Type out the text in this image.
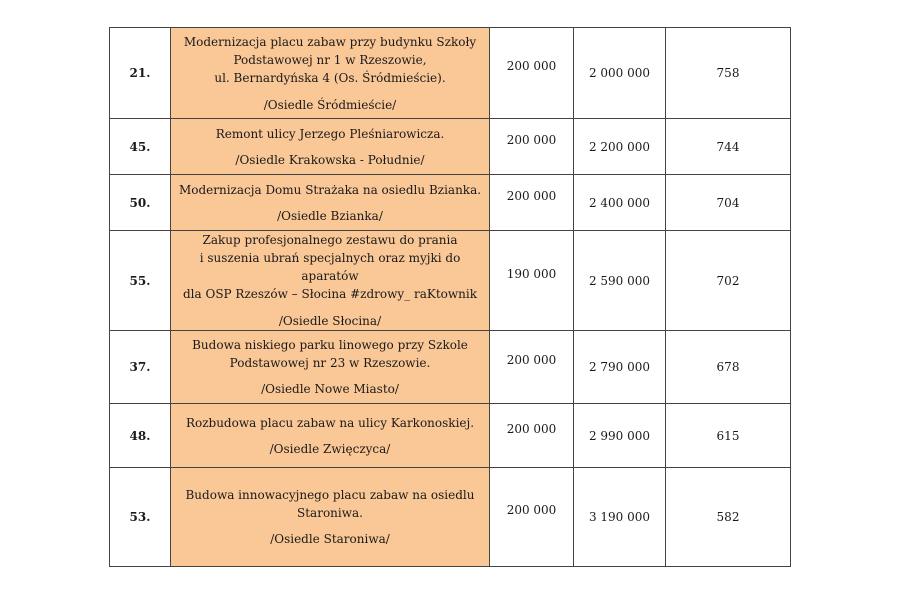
21.	Modernizacja placu zabaw przy budynku Szkoły
Podstawowej nr 1 w Rzeszowie,
ul. Bernardyńska 4 (Os. Śródmieście).
/Osiedle Śródmieście/	200 000	2 000 000	758
45.	Remont ulicy Jerzego Pleśniarowicza.
/Osiedle Krakowska - Południe/	200 000	2 200 000	744
50.	Modernizacja Domu Strażaka na osiedlu Bzianka.
/Osiedle Bzianka/	200 000	2 400 000	704
55.	Zakup profesjonalnego zestawu do prania
i suszenia ubrań specjalnych oraz myjki do aparatów
dla OSP Rzeszów – Słocina #zdrowy_ raKtownik
/Osiedle Słocina/	190 000	2 590 000	702
37.	Budowa niskiego parku linowego przy Szkole
Podstawowej nr 23 w Rzeszowie.
/Osiedle Nowe Miasto/	200 000	2 790 000	678
48.	Rozbudowa placu zabaw na ulicy Karkonoskiej.
/Osiedle Zwięczyca/	200 000	2 990 000	615
53.	Budowa innowacyjnego placu zabaw na osiedlu
Staroniwa.
/Osiedle Staroniwa/	200 000	3 190 000	582
